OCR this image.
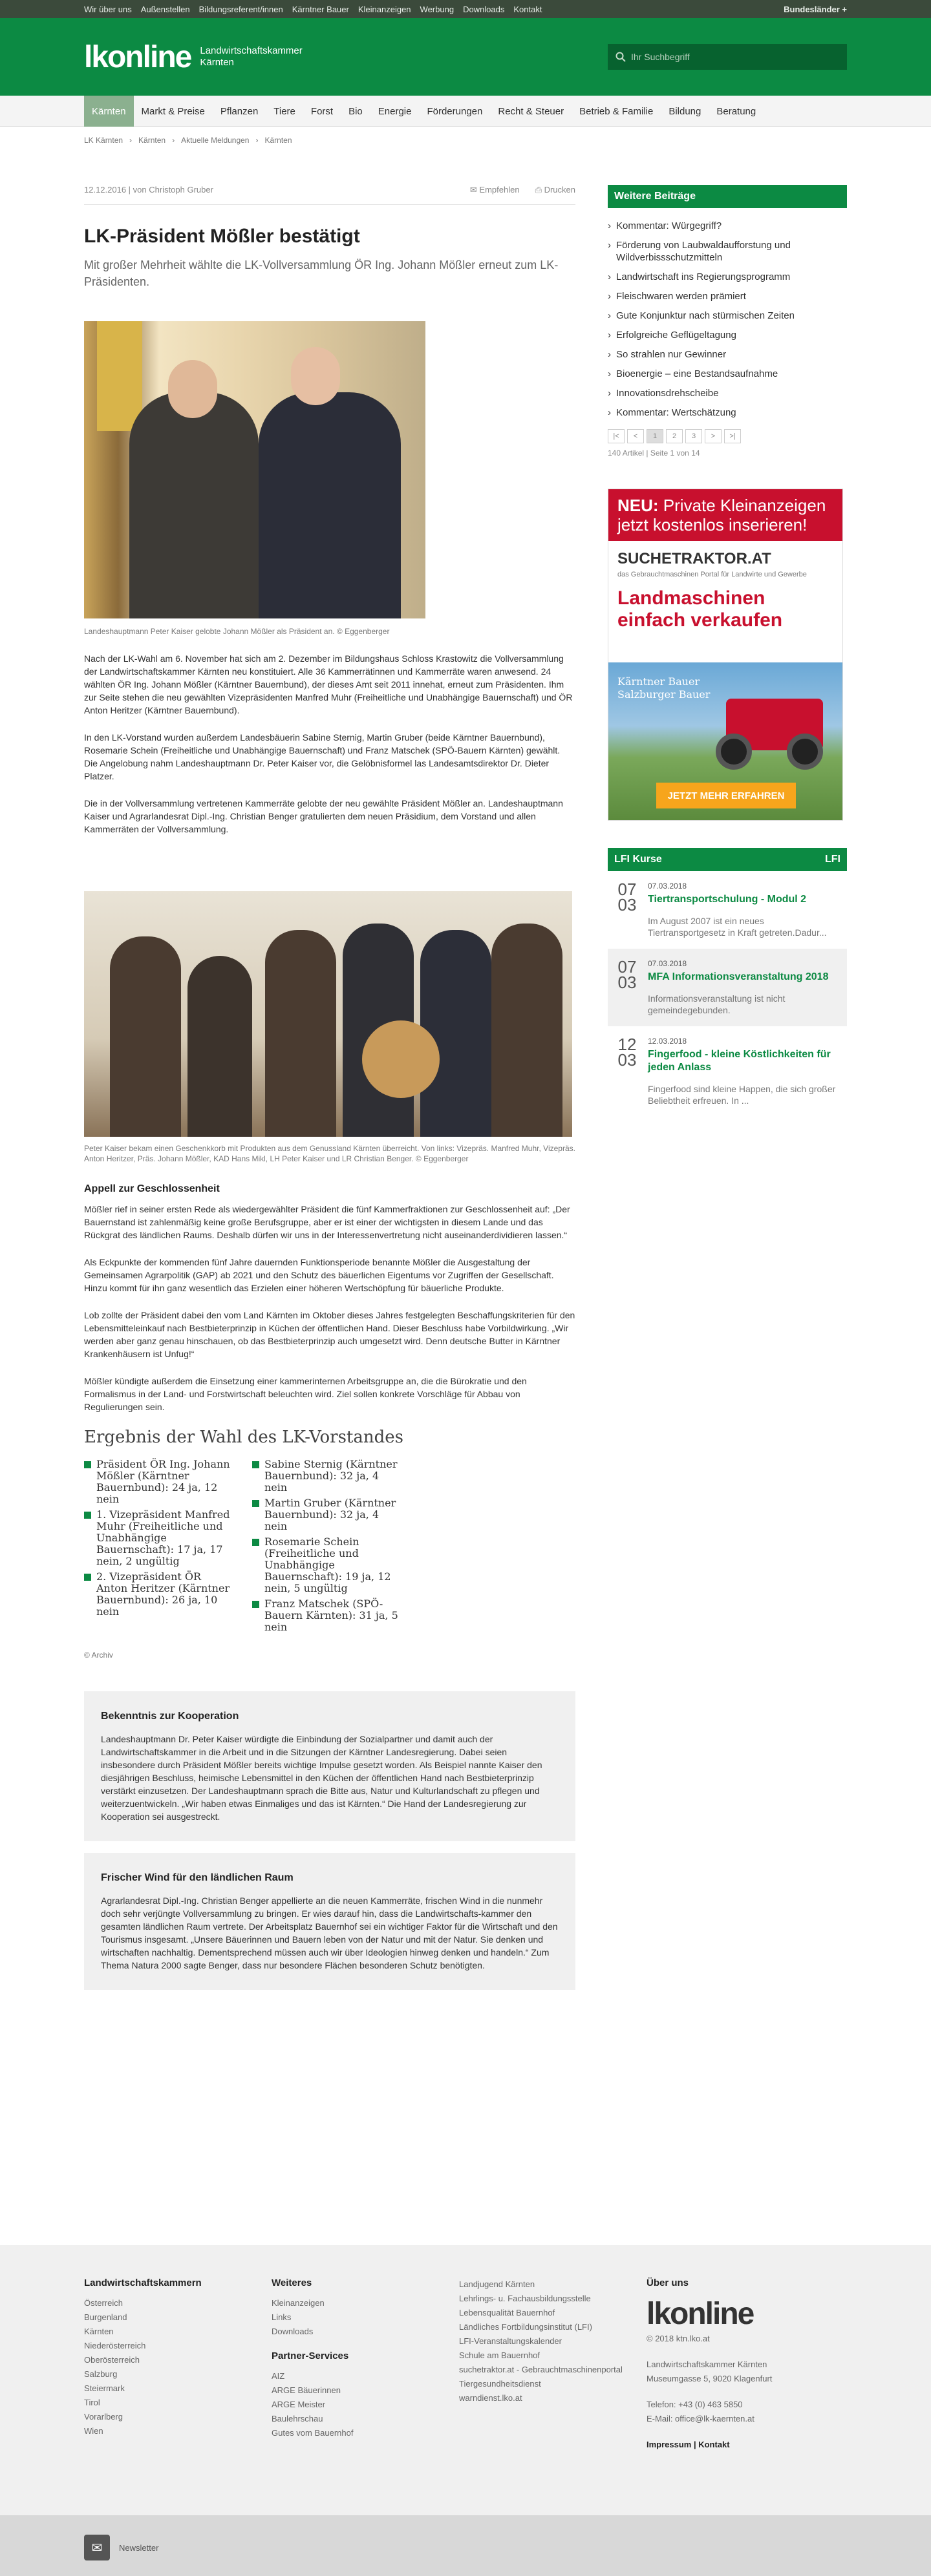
Wir über uns Außenstellen Bildungsreferent/innen Kärntner Bauer Kleinanzeigen Werbung Downloads Kontakt	Bundesländer +
lkonline Landwirtschaftskammer
Kärnten
Ihr Suchbegriff
Kärnten	Markt & Preise	Pflanzen	Tiere	Forst	Bio	Energie	Förderungen	Recht & Steuer	Betrieb & Familie	Bildung	Beratung
LK Kärnten › Kärnten › Aktuelle Meldungen › Kärnten
12.12.2016 | von Christoph Gruber	✉ Empfehlen ⎙ Drucken
LK-Präsident Mößler bestätigt
Mit großer Mehrheit wählte die LK-Vollversammlung ÖR Ing. Johann Mößler erneut zum LK-Präsidenten.
Landeshauptmann Peter Kaiser gelobte Johann Mößler als Präsident an. © Eggenberger
Nach der LK-Wahl am 6. November hat sich am 2. Dezember im Bildungshaus Schloss Krastowitz die Vollversammlung der Landwirtschaftskammer Kärnten neu konstituiert. Alle 36 Kammerrätinnen und Kammerräte waren anwesend. 24 wählten ÖR Ing. Johann Mößler (Kärntner Bauernbund), der dieses Amt seit 2011 innehat, erneut zum Präsidenten. Ihm zur Seite stehen die neu gewählten Vizepräsidenten Manfred Muhr (Freiheitliche und Unabhängige Bauernschaft) und ÖR Anton Heritzer (Kärntner Bauernbund).
In den LK-Vorstand wurden außerdem Landesbäuerin Sabine Sternig, Martin Gruber (beide Kärntner Bauernbund), Rosemarie Schein (Freiheitliche und Unabhängige Bauernschaft) und Franz Matschek (SPÖ-Bauern Kärnten) gewählt. Die Angelobung nahm Landeshauptmann Dr. Peter Kaiser vor, die Gelöbnisformel las Landesamtsdirektor Dr. Dieter Platzer.
Die in der Vollversammlung vertretenen Kammerräte gelobte der neu gewählte Präsident Mößler an. Landeshauptmann Kaiser und Agrarlandesrat Dipl.-Ing. Christian Benger gratulierten dem neuen Präsidium, dem Vorstand und allen Kammerräten der Vollversammlung.
Peter Kaiser bekam einen Geschenkkorb mit Produkten aus dem Genussland Kärnten überreicht. Von links: Vizepräs. Manfred Muhr, Vizepräs. Anton Heritzer, Präs. Johann Mößler, KAD Hans Mikl, LH Peter Kaiser und LR Christian Benger. © Eggenberger
Appell zur Geschlossenheit
Mößler rief in seiner ersten Rede als wiedergewählter Präsident die fünf Kammerfraktionen zur Geschlossenheit auf: „Der Bauernstand ist zahlenmäßig keine große Berufsgruppe, aber er ist einer der wichtigsten in diesem Lande und das Rückgrat des ländlichen Raums. Deshalb dürfen wir uns in der Interessenvertretung nicht auseinanderdividieren lassen.“
Als Eckpunkte der kommenden fünf Jahre dauernden Funktionsperiode benannte Mößler die Ausgestaltung der Gemeinsamen Agrarpolitik (GAP) ab 2021 und den Schutz des bäuerlichen Eigentums vor Zugriffen der Gesellschaft. Hinzu kommt für ihn ganz wesentlich das Erzielen einer höheren Wertschöpfung für bäuerliche Produkte.
Lob zollte der Präsident dabei den vom Land Kärnten im Oktober dieses Jahres festgelegten Beschaffungskriterien für den Lebensmitteleinkauf nach Bestbieterprinzip in Küchen der öffentlichen Hand. Dieser Beschluss habe Vorbildwirkung. „Wir werden aber ganz genau hinschauen, ob das Bestbieterprinzip auch umgesetzt wird. Denn deutsche Butter in Kärntner Krankenhäusern ist Unfug!“
Mößler kündigte außerdem die Einsetzung einer kammerinternen Arbeitsgruppe an, die die Bürokratie und den Formalismus in der Land- und Forstwirtschaft beleuchten wird. Ziel sollen konkrete Vorschläge für Abbau von Regulierungen sein.
Ergebnis der Wahl des LK-Vorstandes
Präsident ÖR Ing. Johann Mößler (Kärntner Bauernbund): 24 ja, 12 nein
1. Vizepräsident Manfred Muhr (Freiheitliche und Unabhängige Bauernschaft): 17 ja, 17 nein, 2 ungültig
2. Vizepräsident ÖR Anton Heritzer (Kärntner Bauernbund): 26 ja, 10 nein
Sabine Sternig (Kärntner Bauernbund): 32 ja, 4 nein
Martin Gruber (Kärntner Bauernbund): 32 ja, 4 nein
Rosemarie Schein (Freiheitliche und Unabhängige Bauernschaft): 19 ja, 12 nein, 5 ungültig
Franz Matschek (SPÖ-Bauern Kärnten): 31 ja, 5 nein
© Archiv
Bekenntnis zur Kooperation
Landeshauptmann Dr. Peter Kaiser würdigte die Einbindung der Sozialpartner und damit auch der Landwirtschaftskammer in die Arbeit und in die Sitzungen der Kärntner Landesregierung. Dabei seien insbesondere durch Präsident Mößler bereits wichtige Impulse gesetzt worden. Als Beispiel nannte Kaiser den diesjährigen Beschluss, heimische Lebensmittel in den Küchen der öffentlichen Hand nach Bestbieterprinzip verstärkt einzusetzen. Der Landeshauptmann sprach die Bitte aus, Natur und Kulturlandschaft zu pflegen und weiterzuentwickeln. „Wir haben etwas Einmaliges und das ist Kärnten.“ Die Hand der Landesregierung zur Kooperation sei ausgestreckt.
Frischer Wind für den ländlichen Raum
Agrarlandesrat Dipl.-Ing. Christian Benger appellierte an die neuen Kammerräte, frischen Wind in die nunmehr doch sehr verjüngte Vollversammlung zu bringen. Er wies darauf hin, dass die Landwirtschafts-kammer den gesamten ländlichen Raum vertrete. Der Arbeitsplatz Bauernhof sei ein wichtiger Faktor für die Wirtschaft und den Tourismus insgesamt. „Unsere Bäuerinnen und Bauern leben von der Natur und mit der Natur. Sie denken und wirtschaften nachhaltig. Dementsprechend müssen auch wir über Ideologien hinweg denken und handeln.“ Zum Thema Natura 2000 sagte Benger, dass nur besondere Flächen besonderen Schutz benötigten.
Weitere Beiträge
› Kommentar: Würgegriff?
› Förderung von Laubwaldaufforstung und Wildverbissschutzmitteln
› Landwirtschaft ins Regierungsprogramm
› Fleischwaren werden prämiert
› Gute Konjunktur nach stürmischen Zeiten
› Erfolgreiche Geflügeltagung
› So strahlen nur Gewinner
› Bioenergie – eine Bestandsaufnahme
› Innovationsdrehscheibe
› Kommentar: Wertschätzung
|<	<	1	2	3	>	>|
140 Artikel | Seite 1 von 14
NEU: Private Kleinanzeigen
jetzt kostenlos inserieren!
SUCHETRAKTOR.AT
das Gebrauchtmaschinen Portal für Landwirte und Gewerbe
Landmaschinen
einfach verkaufen
Kärntner Bauer
Salzburger Bauer
JETZT MEHR ERFAHREN
LFI Kurse	LFI
07
03
07.03.2018
Tiertransportschulung - Modul 2
Im August 2007 ist ein neues Tiertransportgesetz in Kraft getreten.Dadur...
07
03
07.03.2018
MFA Informationsveranstaltung 2018
Informationsveranstaltung ist nicht gemeindegebunden.
12
03
12.03.2018
Fingerfood - kleine Köstlichkeiten für jeden Anlass
Fingerfood sind kleine Happen, die sich großer Beliebtheit erfreuen. In ...
Landwirtschaftskammern
Österreich
Burgenland
Kärnten
Niederösterreich
Oberösterreich
Salzburg
Steiermark
Tirol
Vorarlberg
Wien
Weiteres
Kleinanzeigen
Links
Downloads
Partner-Services
AIZ
ARGE Bäuerinnen
ARGE Meister
Baulehrschau
Gutes vom Bauernhof
Landjugend Kärnten
Lehrlings- u. Fachausbildungsstelle
Lebensqualität Bauernhof
Ländliches Fortbildungsinstitut (LFI)
LFI-Veranstaltungskalender
Schule am Bauernhof
suchetraktor.at - Gebrauchtmaschinenportal
Tiergesundheitsdienst
warndienst.lko.at
Über uns
lkonline
© 2018 ktn.lko.at
Landwirtschaftskammer Kärnten
Museumgasse 5, 9020 Klagenfurt
Telefon: +43 (0) 463 5850
E-Mail: office@lk-kaernten.at
Impressum | Kontakt
✉	Newsletter
